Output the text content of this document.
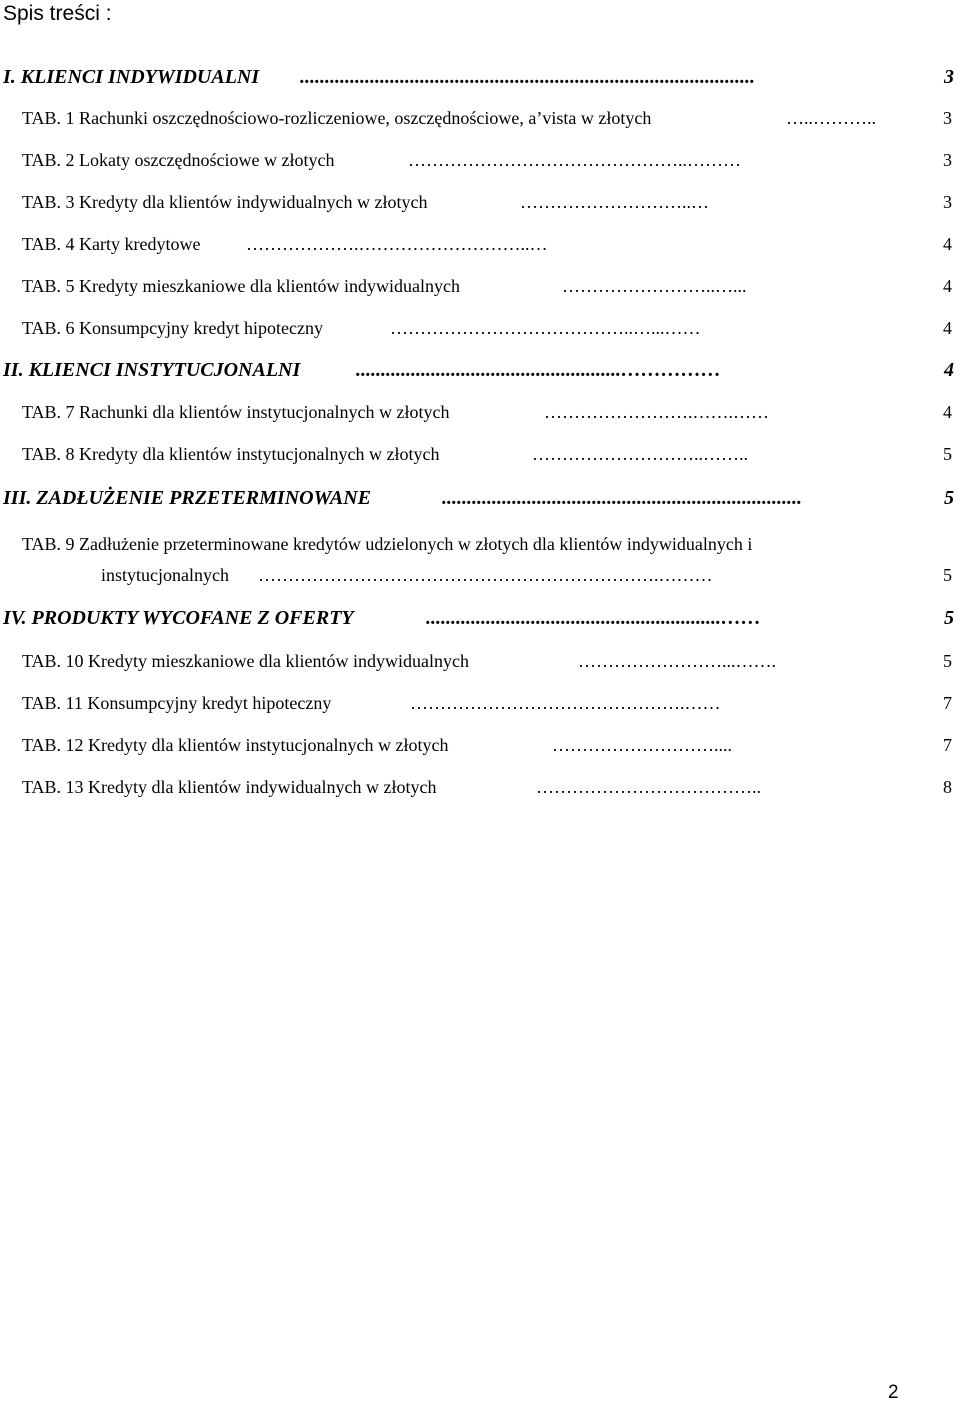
Spis treści :
I. KLIENCI INDYWIDUALNI ...........................................................................................	3
TAB. 1 Rachunki oszczędnościowo-rozliczeniowe, oszczędnościowe, a’vista w złotych	…..………..	3
TAB. 2 Lokaty oszczędnościowe w złotych	………………………………………..………	3
TAB. 3 Kredyty dla klientów indywidualnych w złotych	………………………..…	3
TAB. 4 Karty kredytowe	……………….………………………..…	4
TAB. 5 Kredyty mieszkaniowe dla klientów indywidualnych	……………………..…...	4
TAB. 6 Konsumpcyjny kredyt hipoteczny	…………………………………..…...……	4
II. KLIENCI INSTYTUCJONALNI	.....................................................……………	4
TAB. 7 Rachunki dla klientów instytucjonalnych w złotych	…………………….…….……	4
TAB. 8 Kredyty dla klientów instytucjonalnych w złotych	………………………..……..	5
III. ZADŁUŻENIE PRZETERMINOWANE	........................................................................	5
TAB. 9 Zadłużenie przeterminowane kredytów udzielonych w złotych dla klientów indywidualnych i
instytucjonalnych ………………………………………………………….………	5
IV. PRODUKTY WYCOFANE Z OFERTY	...........................................................……	5
TAB. 10 Kredyty mieszkaniowe dla klientów indywidualnych	……………………...…….	5
TAB. 11 Konsumpcyjny kredyt hipoteczny	……………………………………….……	7
TAB. 12 Kredyty dla klientów instytucjonalnych w złotych	………………………....	7
TAB. 13 Kredyty dla klientów indywidualnych w złotych	………………………………..	8
2
